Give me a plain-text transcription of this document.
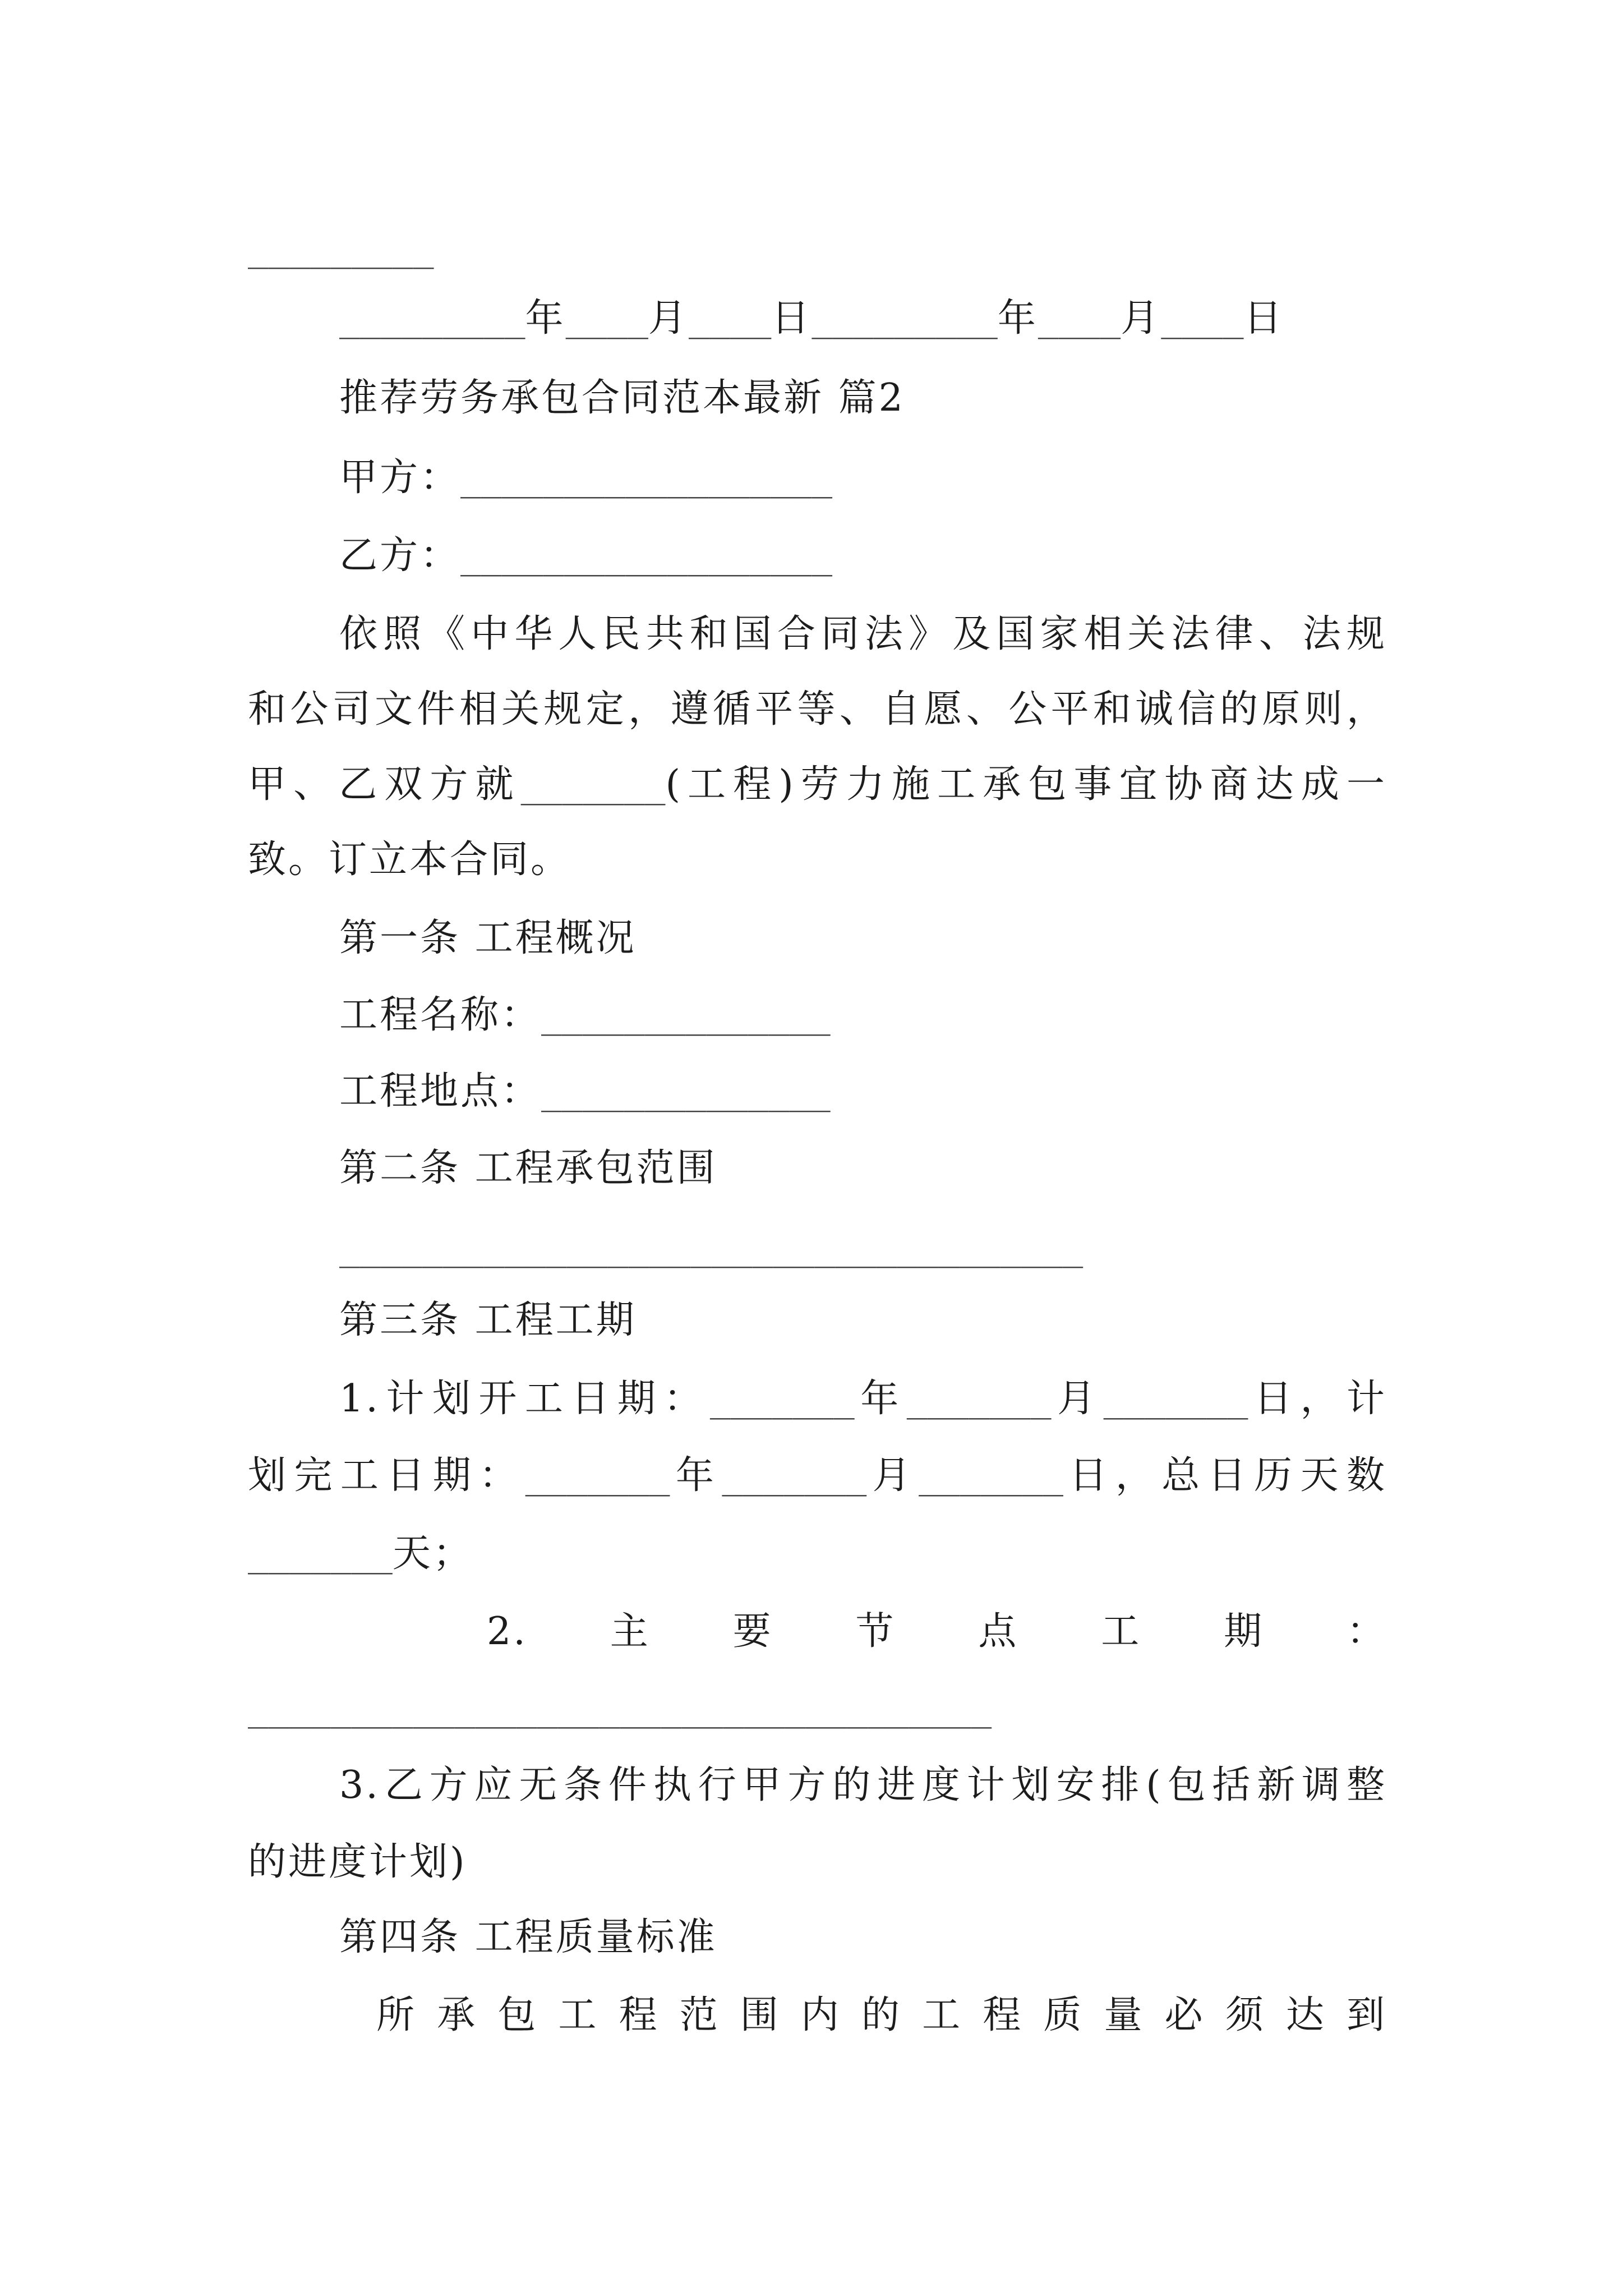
_________
_________年____月____日_________年____月____日
推荐劳务承包合同范本最新 篇2
甲方：__________________
乙方：__________________
依照《中华人民共和国合同法》及国家相关法律、法规
和公司文件相关规定，遵循平等、自愿、公平和诚信的原则，
甲、乙双方就_______(工程)劳力施工承包事宜协商达成一
致。订立本合同。
第一条 工程概况
工程名称：______________
工程地点：______________
第二条 工程承包范围
____________________________________
第三条 工程工期
1.计划开工日期：_______年_______月_______日，计
划完工日期：_______年_______月_______日，总日历天数
_______天；
2.主要节点工期：
____________________________________
3.乙方应无条件执行甲方的进度计划安排(包括新调整
的进度计划)
第四条 工程质量标准
所承包工程范围内的工程质量必须达到
